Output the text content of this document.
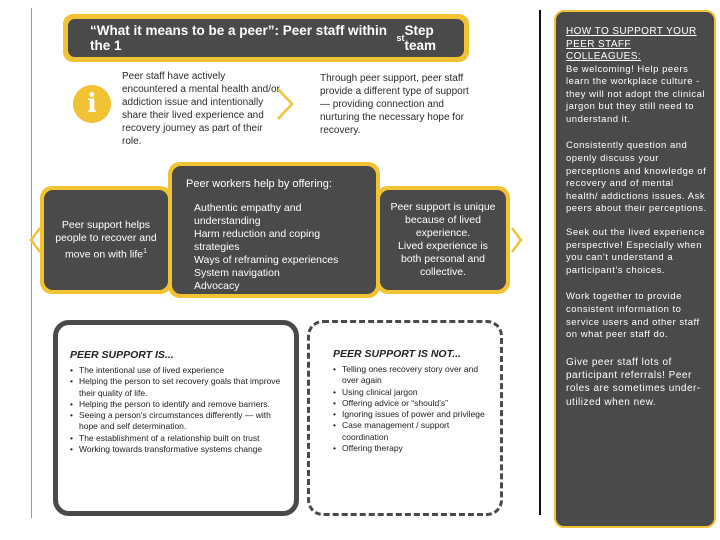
“What it means to be a peer”: Peer staff within the 1	st Step team
i
Peer staff have actively encountered a mental health and/or addiction issue and intentionally share their lived experience and recovery journey as part of their role.
Through peer support, peer staff provide a different type of support — providing connection and nurturing the necessary hope for recovery.
Peer support helps people to recover and move on with life$^1$
Peer workers help by offering:
Authentic empathy and understanding
Harm reduction and coping strategies
Ways of reframing experiences
System navigation
Advocacy
Peer support is unique because of lived experience.
Lived experience is both personal and collective.
PEER SUPPORT IS...
• The intentional use of lived experience
• Helping the person to set recovery goals that improve their quality of life.
• Helping the person to identify and remove barriers.
• Seeing a person's circumstances differently — with hope and self determination.
• The establishment of a relationship built on trust
• Working towards transformative systems change
PEER SUPPORT IS NOT...
• Telling ones recovery story over and over again
• Using clinical jargon
• Offering advice or “should’s”
• Ignoring issues of power and privilege
• Case management / support coordination
• Offering therapy
HOW TO SUPPORT YOUR PEER STAFF COLLEAGUES:

Be welcoming! Help peers learn the workplace culture - they will not adopt the clinical jargon but they still need to understand it.

Consistently question and openly discuss your perceptions and knowledge of recovery and of mental health/ addictions issues. Ask peers about their perceptions.

Seek out the lived experience perspective! Especially when you can’t understand a participant’s choices.

Work together to provide consistent information to service users and other staff on what peer staff do.

Give peer staff lots of participant referrals! Peer roles are sometimes under-utilized when new.
